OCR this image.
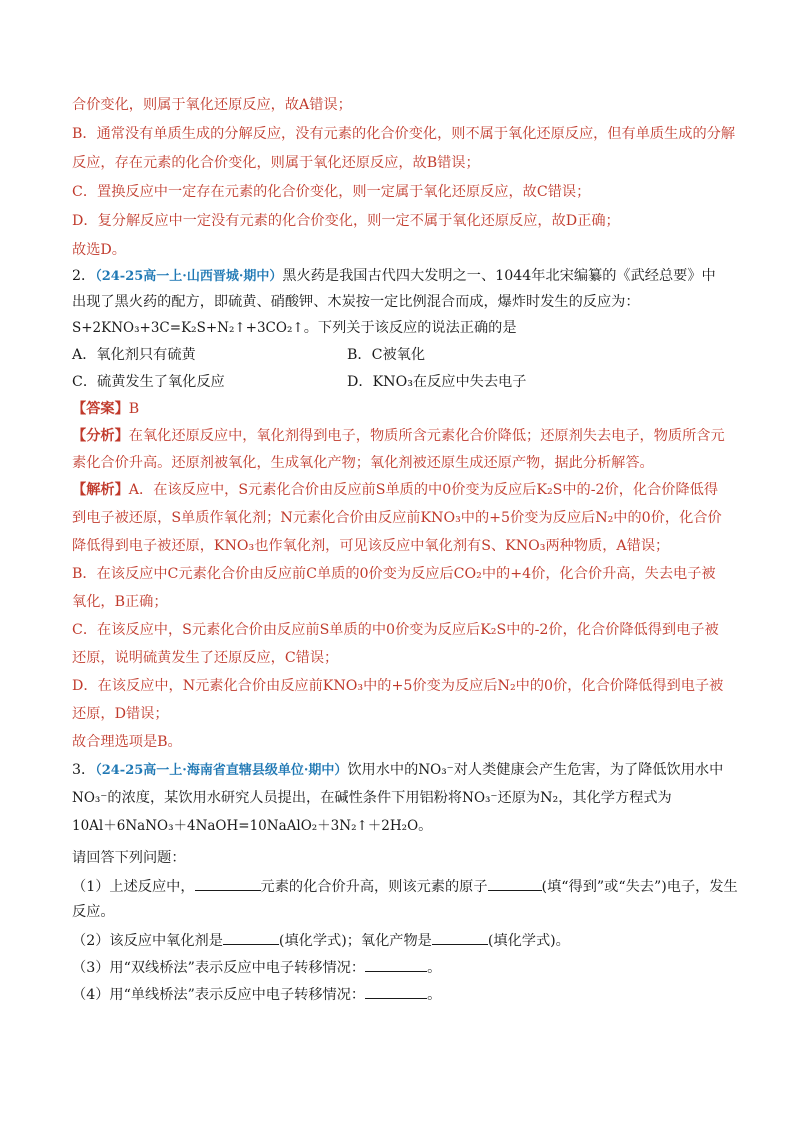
合价变化，则属于氧化还原反应，故A错误；
B．通常没有单质生成的分解反应，没有元素的化合价变化，则不属于氧化还原反应，但有单质生成的分解
反应，存在元素的化合价变化，则属于氧化还原反应，故B错误；
C．置换反应中一定存在元素的化合价变化，则一定属于氧化还原反应，故C错误；
D．复分解反应中一定没有元素的化合价变化，则一定不属于氧化还原反应，故D正确；
故选D。
2．（24-25高一上·山西晋城·期中）黑火药是我国古代四大发明之一、1044年北宋编纂的《武经总要》中
出现了黑火药的配方，即硫黄、硝酸钾、木炭按一定比例混合而成，爆炸时发生的反应为：
S+2KNO₃+3C=K₂S+N₂↑+3CO₂↑。下列关于该反应的说法正确的是
A．氧化剂只有硫黄	B．C被氧化
C．硫黄发生了氧化反应	D．KNO₃在反应中失去电子
【答案】B
【分析】在氧化还原反应中，氧化剂得到电子，物质所含元素化合价降低；还原剂失去电子，物质所含元
素化合价升高。还原剂被氧化，生成氧化产物；氧化剂被还原生成还原产物，据此分析解答。
【解析】A．在该反应中，S元素化合价由反应前S单质的中0价变为反应后K₂S中的-2价，化合价降低得
到电子被还原，S单质作氧化剂；N元素化合价由反应前KNO₃中的+5价变为反应后N₂中的0价，化合价
降低得到电子被还原，KNO₃也作氧化剂，可见该反应中氧化剂有S、KNO₃两种物质，A错误；
B．在该反应中C元素化合价由反应前C单质的0价变为反应后CO₂中的+4价，化合价升高，失去电子被
氧化，B正确；
C．在该反应中，S元素化合价由反应前S单质的中0价变为反应后K₂S中的-2价，化合价降低得到电子被
还原，说明硫黄发生了还原反应，C错误；
D．在该反应中，N元素化合价由反应前KNO₃中的+5价变为反应后N₂中的0价，化合价降低得到电子被
还原，D错误；
故合理选项是B。
3．（24-25高一上·海南省直辖县级单位·期中）饮用水中的NO₃⁻对人类健康会产生危害，为了降低饮用水中
NO₃⁻的浓度，某饮用水研究人员提出，在碱性条件下用铝粉将NO₃⁻还原为N₂，其化学方程式为
10Al＋6NaNO₃＋4NaOH=10NaAlO₂＋3N₂↑＋2H₂O。
请回答下列问题：
（1）上述反应中，	元素的化合价升高，则该元素的原子	(填“得到”或“失去”)电子，发生
反应。
（2）该反应中氧化剂是	(填化学式)；氧化产物是	(填化学式)。
（3）用“双线桥法”表示反应中电子转移情况：	。
（4）用“单线桥法”表示反应中电子转移情况：	。
